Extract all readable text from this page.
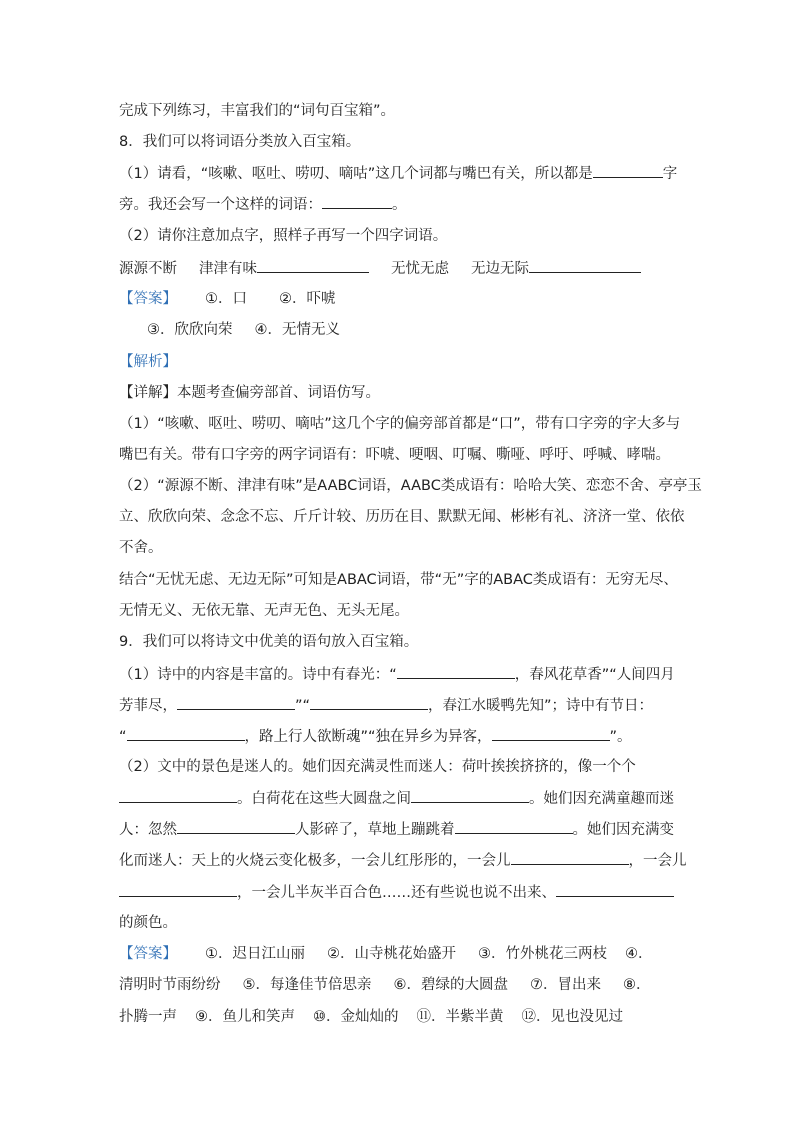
完成下列练习，丰富我们的“词句百宝箱”。
8．我们可以将词语分类放入百宝箱。
（1）请看，“咳嗽、呕吐、唠叨、嘀咕”这几个词都与嘴巴有关，所以都是	字
旁。我还会写一个这样的词语：	。
（2）请你注意加点字，照样子再写一个四字词语。
源源不断 津津有味	无忧无虑 无边无际
【答案】 ①．口 ②．吓唬
③．欣欣向荣 ④．无情无义
【解析】
【详解】本题考查偏旁部首、词语仿写。
（1）“咳嗽、呕吐、唠叨、嘀咕”这几个字的偏旁部首都是“口”，带有口字旁的字大多与
嘴巴有关。带有口字旁的两字词语有：吓唬、哽咽、叮嘱、嘶哑、呼吁、呼喊、哮喘。
（2）“源源不断、津津有味”是AABC词语，AABC类成语有：哈哈大笑、恋恋不舍、亭亭玉
立、欣欣向荣、念念不忘、斤斤计较、历历在目、默默无闻、彬彬有礼、济济一堂、依依
不舍。
结合“无忧无虑、无边无际”可知是ABAC词语，带“无”字的ABAC类成语有：无穷无尽、
无情无义、无依无靠、无声无色、无头无尾。
9．我们可以将诗文中优美的语句放入百宝箱。
（1）诗中的内容是丰富的。诗中有春光：“	，春风花草香”“人间四月
芳菲尽，	”“	，春江水暖鸭先知”；诗中有节日：
“	，路上行人欲断魂”“独在异乡为异客，	”。
（2）文中的景色是迷人的。她们因充满灵性而迷人：荷叶挨挨挤挤的，像一个个
。白荷花在这些大圆盘之间	。她们因充满童趣而迷
人：忽然	人影碎了，草地上蹦跳着	。她们因充满变
化而迷人：天上的火烧云变化极多，一会儿红彤彤的，一会儿	，一会儿
，一会儿半灰半百合色……还有些说也说不出来、
的颜色。
【答案】 ①．迟日江山丽 ②．山寺桃花始盛开 ③．竹外桃花三两枝 ④．
清明时节雨纷纷 ⑤．每逢佳节倍思亲 ⑥．碧绿的大圆盘 ⑦．冒出来 ⑧．
扑腾一声 ⑨．鱼儿和笑声 ⑩．金灿灿的 ⑪．半紫半黄 ⑫．见也没见过
